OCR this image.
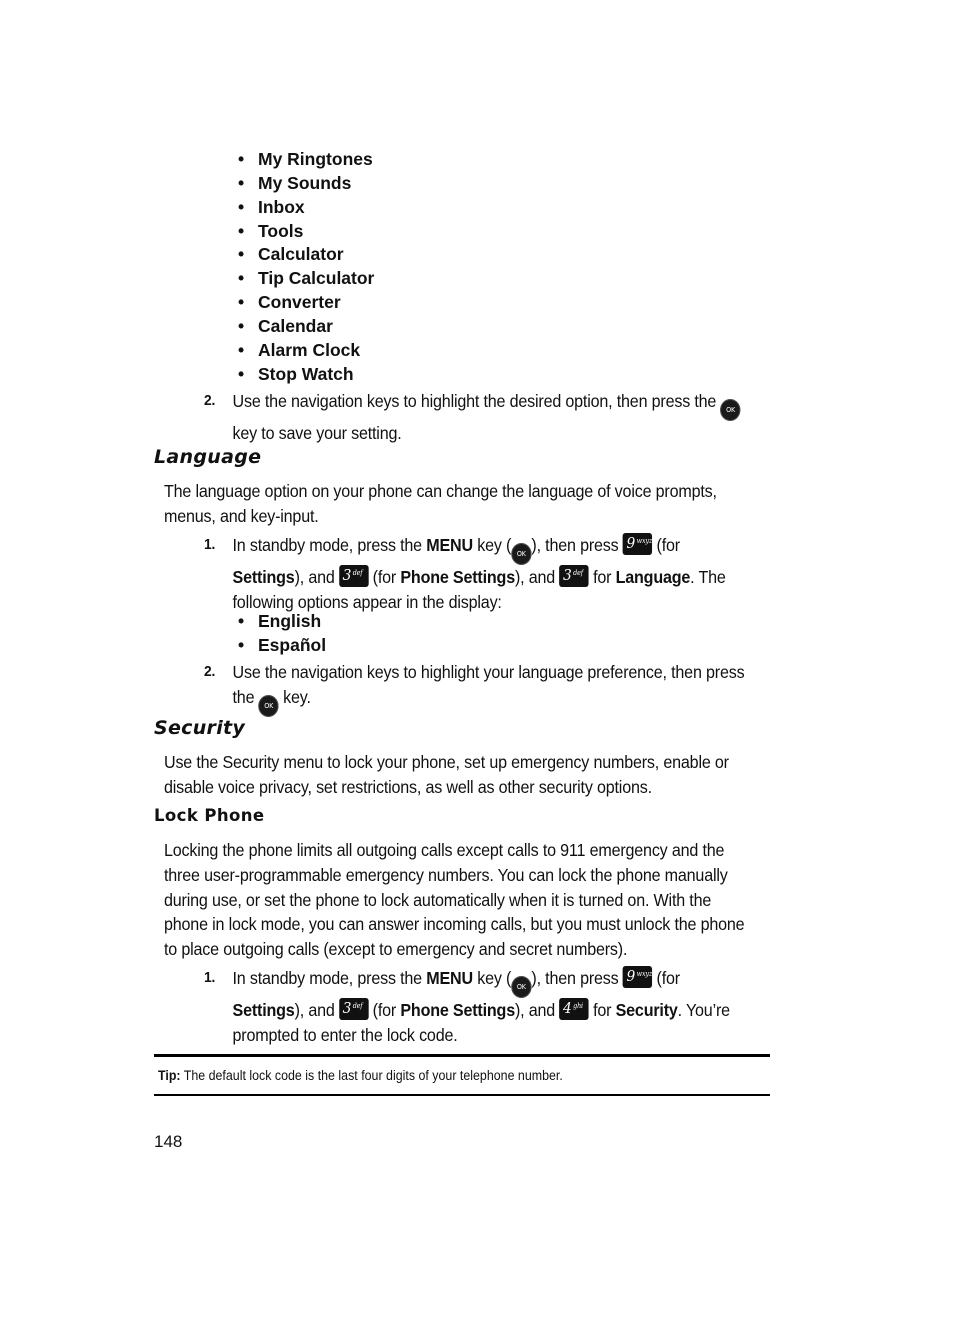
• My Ringtones
• My Sounds
• Inbox
• Tools
• Calculator
• Tip Calculator
• Converter
• Calendar
• Alarm Clock
• Stop Watch
2. Use the navigation keys to highlight the desired option, then press the OK
key to save your setting.
Language
The language option on your phone can change the language of voice prompts,
menus, and key-input.
1. In standby mode, press the MENU key ( OK ), then press 9 wxyz (for
Settings), and 3 def (for Phone Settings), and 3 def for Language. The
following options appear in the display:
• English
• Español
2. Use the navigation keys to highlight your language preference, then press
the OK key.
Security
Use the Security menu to lock your phone, set up emergency numbers, enable or
disable voice privacy, set restrictions, as well as other security options.
Lock Phone
Locking the phone limits all outgoing calls except calls to 911 emergency and the
three user-programmable emergency numbers. You can lock the phone manually
during use, or set the phone to lock automatically when it is turned on. With the
phone in lock mode, you can answer incoming calls, but you must unlock the phone
to place outgoing calls (except to emergency and secret numbers).
1. In standby mode, press the MENU key ( OK ), then press 9 wxyz (for
Settings), and 3 def (for Phone Settings), and 4 ghi for Security. You’re
prompted to enter the lock code.
Tip: The default lock code is the last four digits of your telephone number.
148
